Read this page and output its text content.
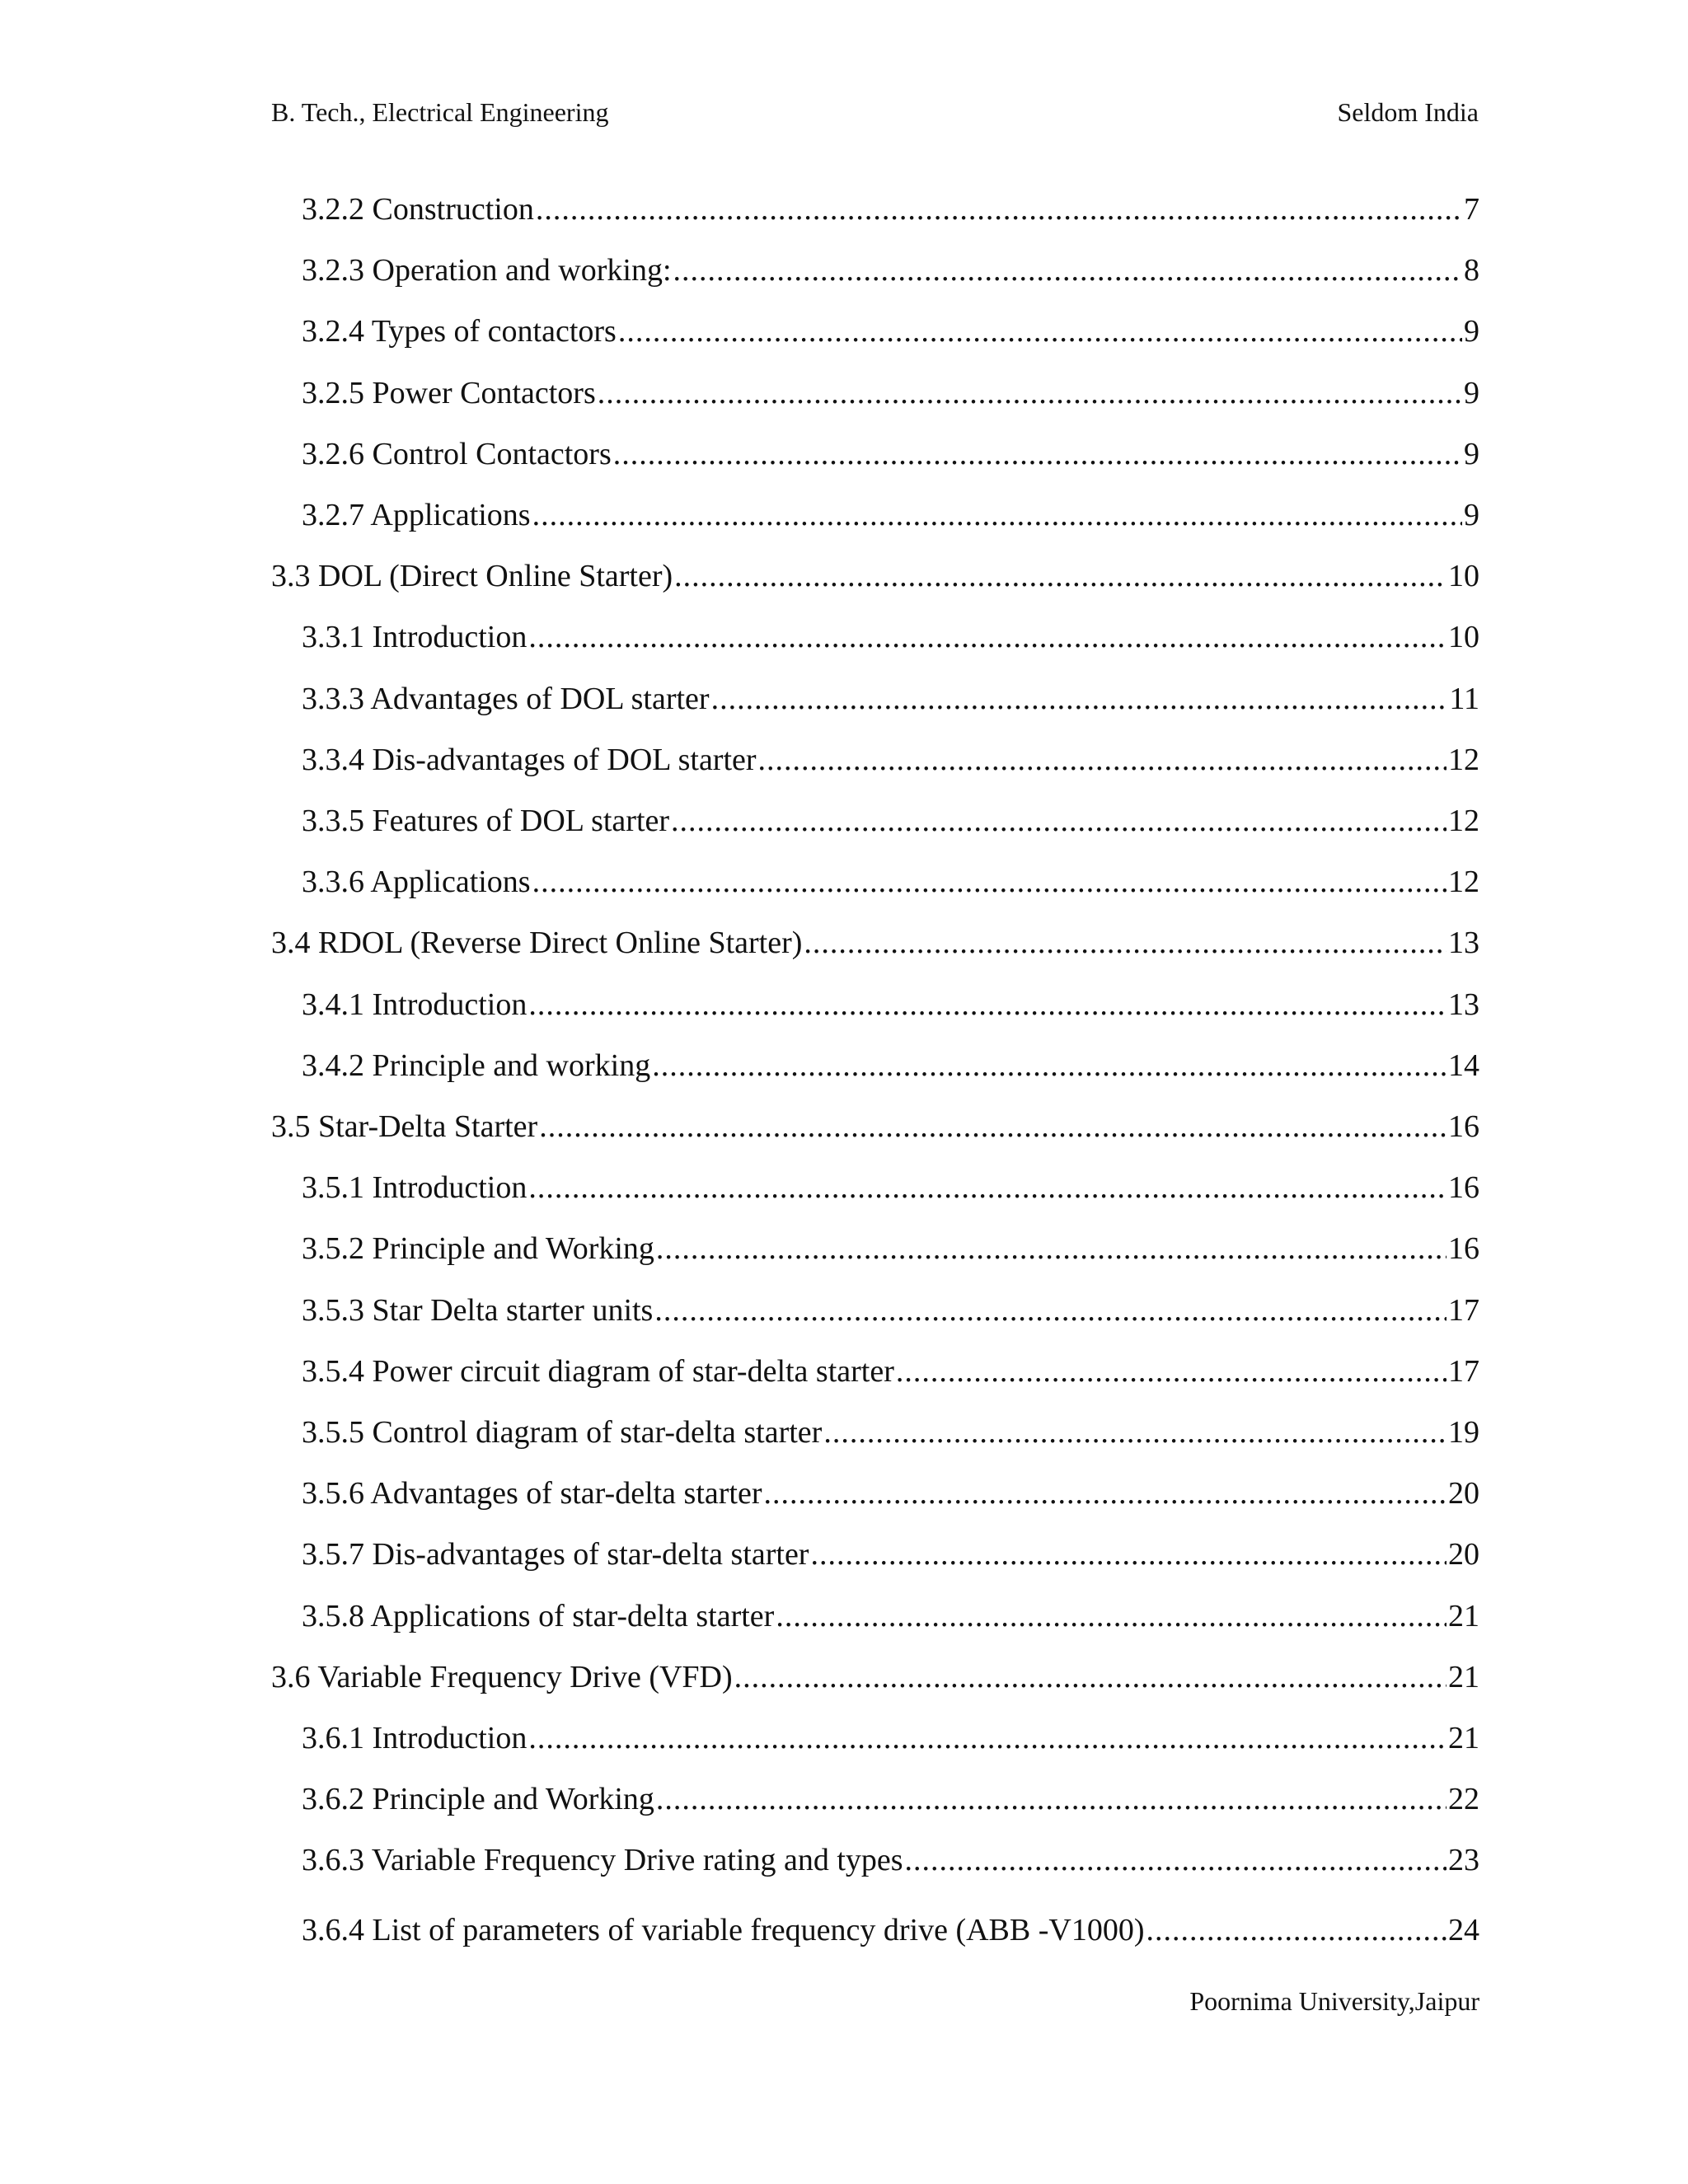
B. Tech., Electrical Engineering	Seldom India
3.2.2 Construction .....	7
3.2.3 Operation and working: .....	8
3.2.4 Types of contactors .....	9
3.2.5 Power Contactors .....	9
3.2.6 Control Contactors .....	9
3.2.7 Applications .....	9
3.3 DOL (Direct Online Starter) .....	10
3.3.1 Introduction .....	10
3.3.3 Advantages of DOL starter .....	11
3.3.4 Dis-advantages of DOL starter .....	12
3.3.5 Features of DOL starter .....	12
3.3.6 Applications .....	12
3.4 RDOL (Reverse Direct Online Starter) .....	13
3.4.1 Introduction .....	13
3.4.2 Principle and working .....	14
3.5 Star-Delta Starter .....	16
3.5.1 Introduction .....	16
3.5.2 Principle and Working .....	16
3.5.3 Star Delta starter units .....	17
3.5.4 Power circuit diagram of star-delta starter .....	17
3.5.5 Control diagram of star-delta starter .....	19
3.5.6 Advantages of star-delta starter .....	20
3.5.7 Dis-advantages of star-delta starter .....	20
3.5.8 Applications of star-delta starter .....	21
3.6 Variable Frequency Drive (VFD) .....	21
3.6.1 Introduction .....	21
3.6.2 Principle and Working .....	22
3.6.3 Variable Frequency Drive rating and types .....	23
3.6.4 List of parameters of variable frequency drive (ABB -V1000) .....	24
Poornima University,Jaipur
